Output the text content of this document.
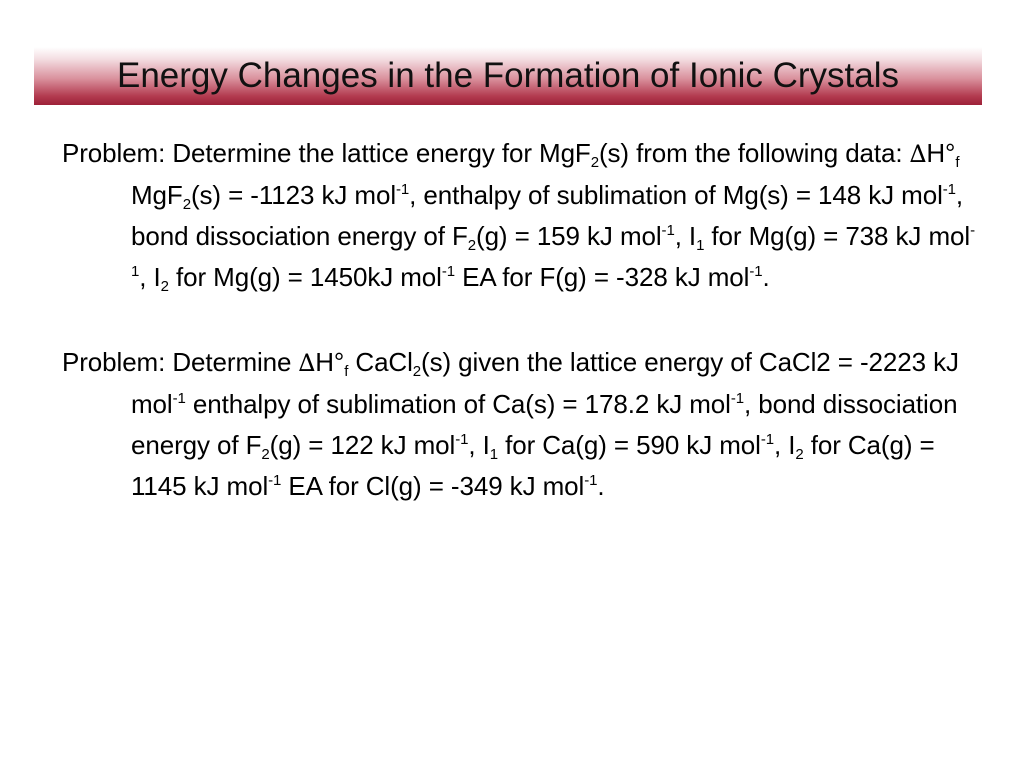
Energy Changes in the Formation of Ionic Crystals

Problem: Determine the lattice energy for MgF$_2$(s) from the following data: $\Delta H^\circ_f$ MgF$_2$(s) = -1123 kJ mol$^{-1}$, enthalpy of sublimation of Mg(s) = 148 kJ mol$^{-1}$, bond dissociation energy of $F_2(g) = 159$ kJ mol$^{-1}$, $I_1$ for Mg(g) = 738 kJ mol$^{-1}$, $I_2$ for Mg(g) = 1450kJ mol$^{-1}$ EA for F(g) = -328 kJ mol$^{-1}$.

Problem: Determine $\Delta H^\circ_f$ CaCl$_2$(s) given the lattice energy of CaCl2 = -2223 kJ mol$^{-1}$ enthalpy of sublimation of Ca(s) = 178.2 kJ mol$^{-1}$, bond dissociation energy of $F_2(g) = 122$ kJ mol$^{-1}$, $I_1$ for Ca(g) = 590 kJ mol$^{-1}$, $I_2$ for Ca(g) = 1145 kJ mol$^{-1}$ EA for Cl(g) = -349 kJ mol$^{-1}$.
